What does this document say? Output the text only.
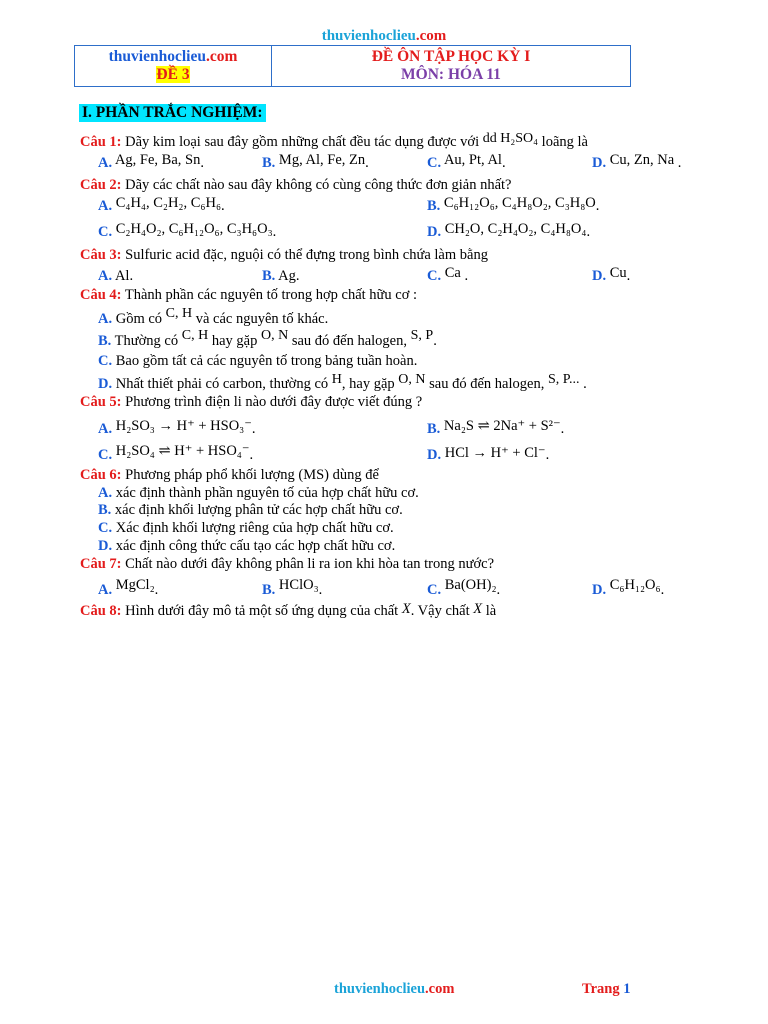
thuvienhoclieu.com
thuvienhoclieu.com
ĐỀ 3
ĐỀ ÔN TẬP HỌC KỲ I
MÔN: HÓA 11
I. PHẦN TRẮC NGHIỆM:
Câu 1: Dãy kim loại sau đây gồm những chất đều tác dụng được với dd H₂SO₄ loãng là
A. Ag, Fe, Ba, Sn.	B. Mg, Al, Fe, Zn.	C. Au, Pt, Al.	D. Cu, Zn, Na .
Câu 2: Dãy các chất nào sau đây không có cùng công thức đơn giản nhất?
A. C₄H₄, C₂H₂, C₆H₆.	B. C₆H₁₂O₆, C₄H₈O₂, C₃H₈O.
C. C₂H₄O₂, C₆H₁₂O₆, C₃H₆O₃.	D. CH₂O, C₂H₄O₂, C₄H₈O₄.
Câu 3: Sulfuric acid đặc, nguội có thể đựng trong bình chứa làm bằng
A. Al.	B. Ag.	C. Ca .	D. Cu.
Câu 4: Thành phần các nguyên tố trong hợp chất hữu cơ :
A. Gồm có C, H và các nguyên tố khác.
B. Thường có C, H hay gặp O, N sau đó đến halogen, S, P.
C. Bao gồm tất cả các nguyên tố trong bảng tuần hoàn.
D. Nhất thiết phải có carbon, thường có H, hay gặp O, N sau đó đến halogen, S, P... .
Câu 5: Phương trình điện li nào dưới đây được viết đúng ?
A. H₂SO₃ → H⁺ + HSO₃⁻.	B. Na₂S ⇌ 2Na⁺ + S²⁻.
C. H₂SO₄ ⇌ H⁺ + HSO₄⁻.	D. HCl → H⁺ + Cl⁻.
Câu 6: Phương pháp phổ khối lượng (MS) dùng để
A. xác định thành phần nguyên tố của hợp chất hữu cơ.
B. xác định khối lượng phân tử các hợp chất hữu cơ.
C. Xác định khối lượng riêng của hợp chất hữu cơ.
D. xác định công thức cấu tạo các hợp chất hữu cơ.
Câu 7: Chất nào dưới đây không phân li ra ion khi hòa tan trong nước?
A. MgCl₂.	B. HClO₃.	C. Ba(OH)₂.	D. C₆H₁₂O₆.
Câu 8: Hình dưới đây mô tả một số ứng dụng của chất X. Vậy chất X là
thuvienhoclieu.com	Trang 1
